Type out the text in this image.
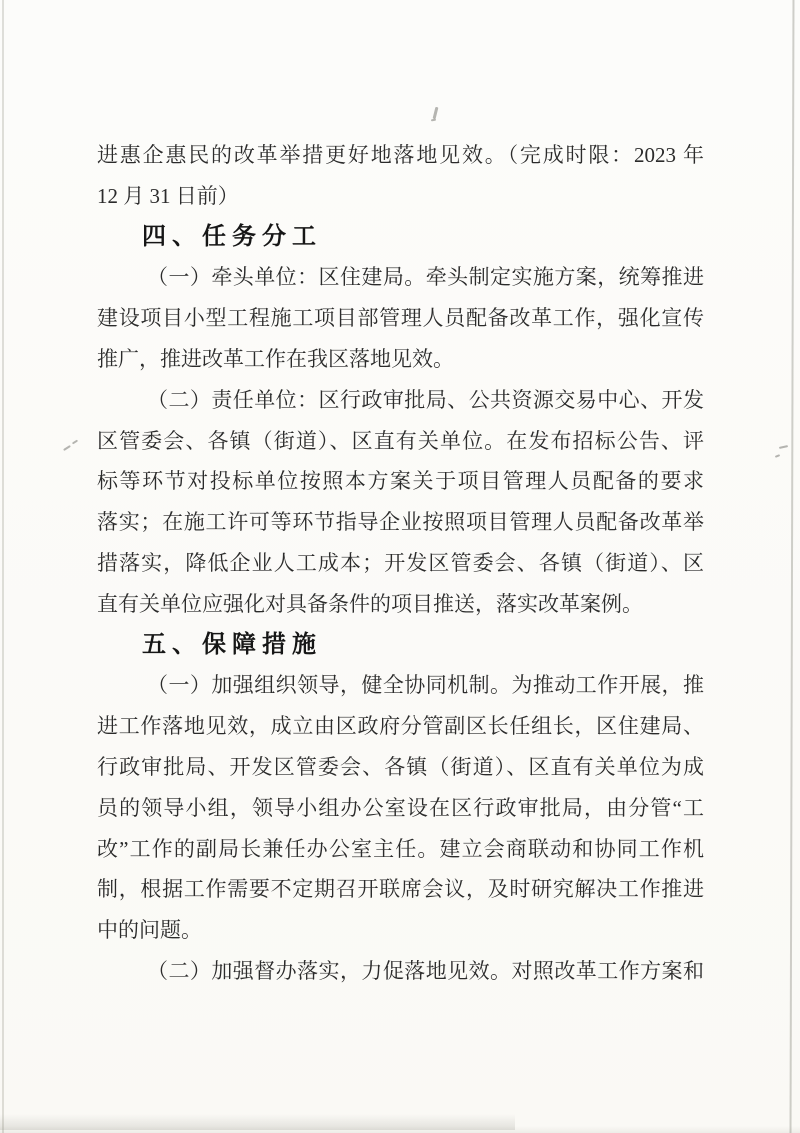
进惠企惠民的改革举措更好地落地见效。（完成时限：2023 年
12 月 31 日前）
四、任务分工
（一）牵头单位：区住建局。牵头制定实施方案，统筹推进
建设项目小型工程施工项目部管理人员配备改革工作，强化宣传
推广，推进改革工作在我区落地见效。
（二）责任单位：区行政审批局、公共资源交易中心、开发
区管委会、各镇（街道）、区直有关单位。在发布招标公告、评
标等环节对投标单位按照本方案关于项目管理人员配备的要求
落实；在施工许可等环节指导企业按照项目管理人员配备改革举
措落实，降低企业人工成本；开发区管委会、各镇（街道）、区
直有关单位应强化对具备条件的项目推送，落实改革案例。
五、保障措施
（一）加强组织领导，健全协同机制。为推动工作开展，推
进工作落地见效，成立由区政府分管副区长任组长，区住建局、
行政审批局、开发区管委会、各镇（街道）、区直有关单位为成
员的领导小组，领导小组办公室设在区行政审批局，由分管“工
改”工作的副局长兼任办公室主任。建立会商联动和协同工作机
制，根据工作需要不定期召开联席会议，及时研究解决工作推进
中的问题。
（二）加强督办落实，力促落地见效。对照改革工作方案和
